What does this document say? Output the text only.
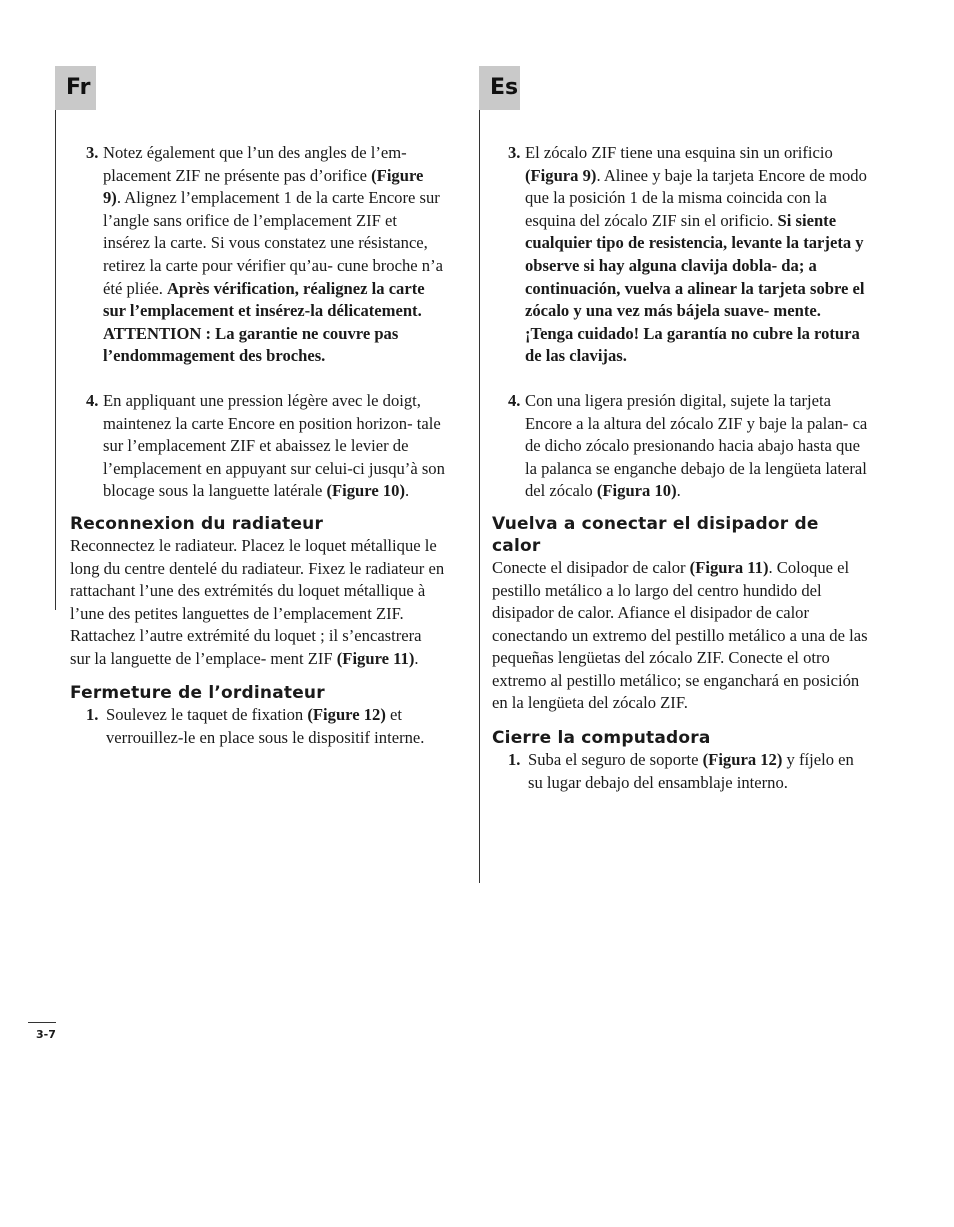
Fr	Es

3. Notez également que l’un des angles de l’em- placement ZIF ne présente pas d’orifice (Figure 9). Alignez l’emplacement 1 de la carte Encore sur l’angle sans orifice de l’emplacement ZIF et insérez la carte. Si vous constatez une résistance, retirez la carte pour vérifier qu’au- cune broche n’a été pliée. Après vérification, réalignez la carte sur l’emplacement et insérez-la délicatement. ATTENTION : La garantie ne couvre pas l’endommagement des broches.

4. En appliquant une pression légère avec le doigt, maintenez la carte Encore en position horizon- tale sur l’emplacement ZIF et abaissez le levier de l’emplacement en appuyant sur celui-ci jusqu’à son blocage sous la languette latérale (Figure 10).

Reconnexion du radiateur

Reconnectez le radiateur. Placez le loquet métallique le long du centre dentelé du radiateur. Fixez le radiateur en rattachant l’une des extrémités du loquet métallique à l’une des petites languettes de l’emplacement ZIF. Rattachez l’autre extrémité du loquet ; il s’encastrera sur la languette de l’emplace- ment ZIF (Figure 11).

Fermeture de l’ordinateur

1. Soulevez le taquet de fixation (Figure 12) et verrouillez-le en place sous le dispositif interne.

3. El zócalo ZIF tiene una esquina sin un orificio (Figura 9). Alinee y baje la tarjeta Encore de modo que la posición 1 de la misma coincida con la esquina del zócalo ZIF sin el orificio. Si siente cualquier tipo de resistencia, levante la tarjeta y observe si hay alguna clavija dobla- da; a continuación, vuelva a alinear la tarjeta sobre el zócalo y una vez más bájela suave- mente. ¡Tenga cuidado! La garantía no cubre la rotura de las clavijas.

4. Con una ligera presión digital, sujete la tarjeta Encore a la altura del zócalo ZIF y baje la palan- ca de dicho zócalo presionando hacia abajo hasta que la palanca se enganche debajo de la lengüeta lateral del zócalo (Figura 10).

Vuelva a conectar el disipador de calor

Conecte el disipador de calor (Figura 11). Coloque el pestillo metálico a lo largo del centro hundido del disipador de calor. Afiance el disipador de calor conectando un extremo del pestillo metálico a una de las pequeñas lengüetas del zócalo ZIF. Conecte el otro extremo al pestillo metálico; se enganchará en posición en la lengüeta del zócalo ZIF.

Cierre la computadora

1. Suba el seguro de soporte (Figura 12) y fíjelo en su lugar debajo del ensamblaje interno.

3-7
